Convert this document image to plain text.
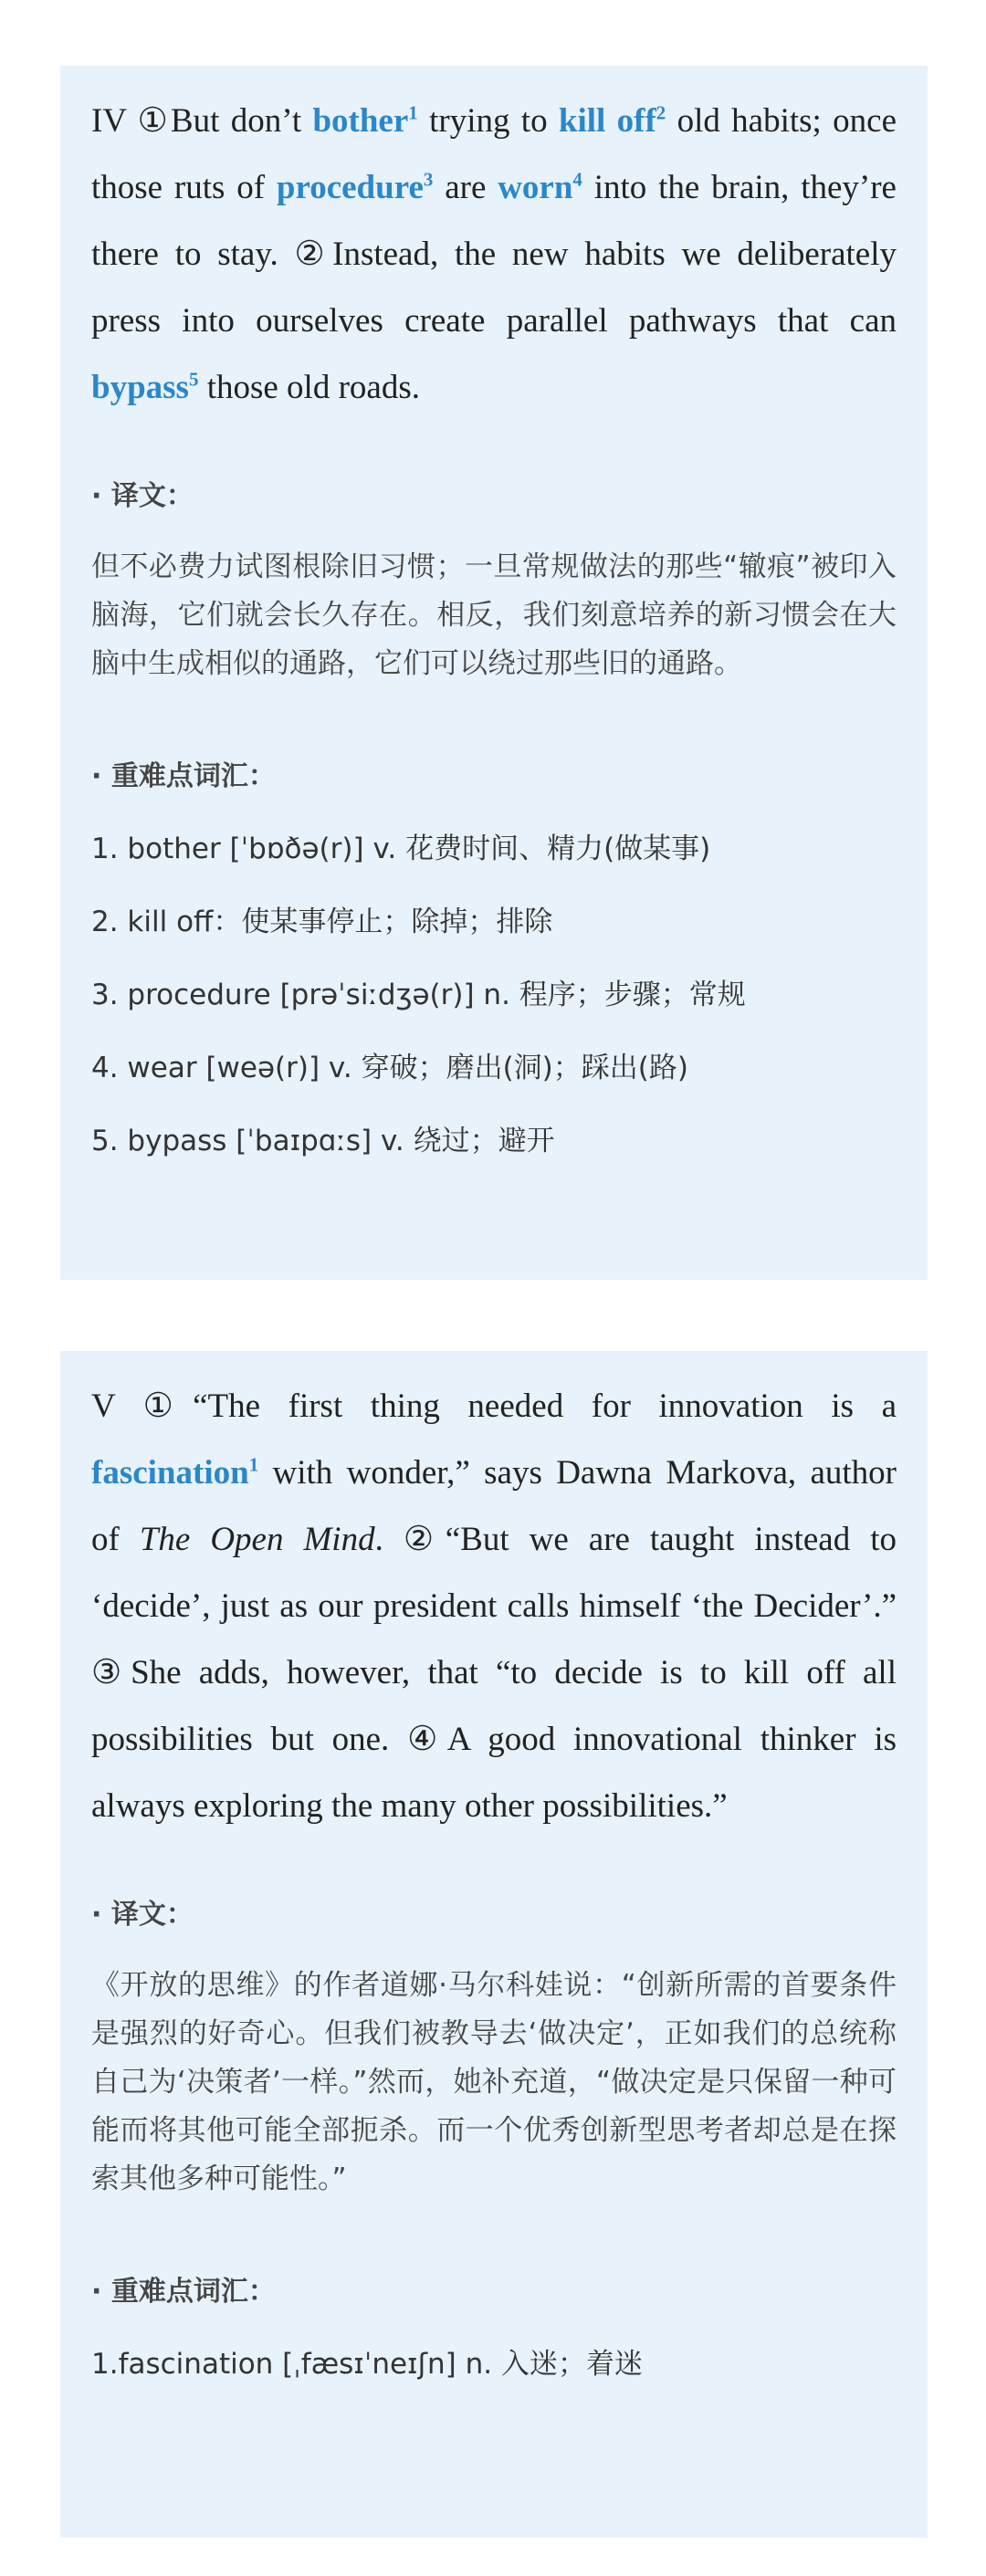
IV ①But don’t bother$^1$ trying to kill off$^2$ old habits; once those ruts of procedure$^3$ are worn$^4$ into the brain, they’re there to stay. ②Instead, the new habits we deliberately press into ourselves create parallel pathways that can bypass$^5$ those old roads.

· 译文：

但不必费力试图根除旧习惯；一旦常规做法的那些“辙痕”被印入脑海，它们就会长久存在。相反，我们刻意培养的新习惯会在大脑中生成相似的通路，它们可以绕过那些旧的通路。

· 重难点词汇：

1. bother [ˈbɒðə(r)] v. 花费时间、精力(做某事)
2. kill off：使某事停止；除掉；排除
3. procedure [prəˈsiːdʒə(r)] n. 程序；步骤；常规
4. wear [weə(r)] v. 穿破；磨出(洞)；踩出(路)
5. bypass [ˈbaɪpɑːs] v. 绕过；避开

V ①“The first thing needed for innovation is a fascination$^1$ with wonder,” says Dawna Markova, author of The Open Mind. ②“But we are taught instead to ‘decide’, just as our president calls himself ‘the Decider’.” ③She adds, however, that “to decide is to kill off all possibilities but one. ④A good innovational thinker is always exploring the many other possibilities.”

· 译文：

《开放的思维》的作者道娜·马尔科娃说：“创新所需的首要条件是强烈的好奇心。但我们被教导去‘做决定’，正如我们的总统称自己为‘决策者’一样。”然而，她补充道，“做决定是只保留一种可能而将其他可能全部扼杀。而一个优秀创新型思考者却总是在探索其他多种可能性。”

· 重难点词汇：

1.fascination [ˌfæsɪˈneɪʃn] n. 入迷；着迷
